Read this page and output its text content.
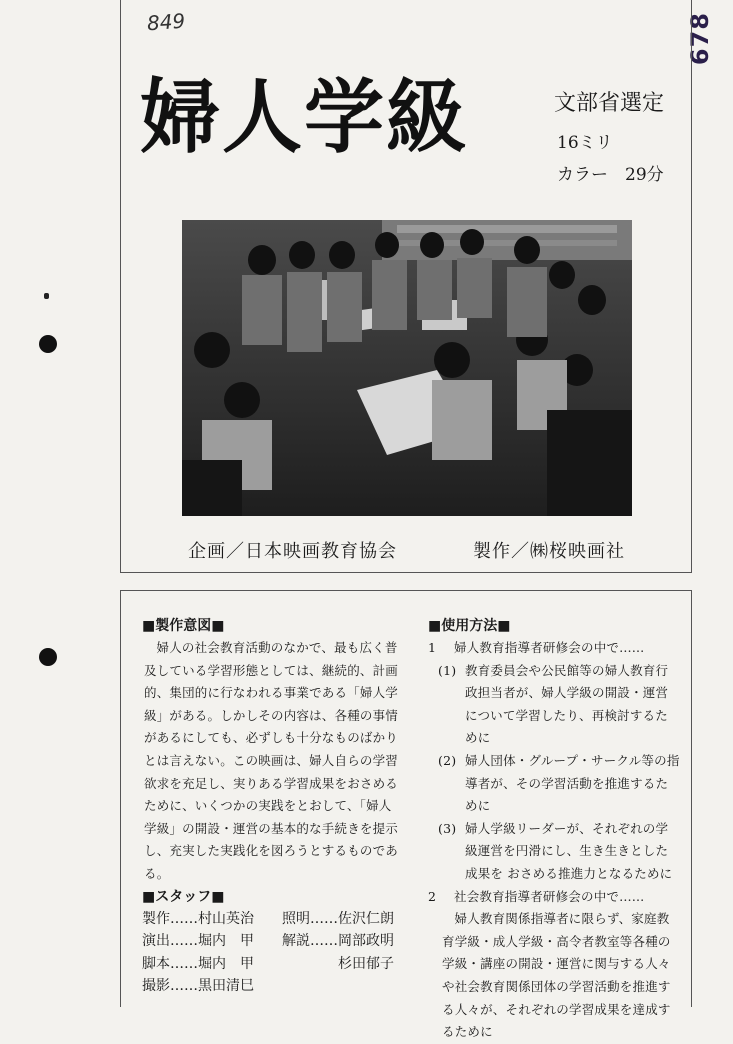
849	678
婦人学級	文部省選定
16ミリ
カラー　29分
企画／日本映画教育協会	製作／㈱桜映画社
■製作意図■
婦人の社会教育活動のなかで、最も広く普及している学習形態としては、継続的、計画的、集団的に行なわれる事業である「婦人学級」がある。しかしその内容は、各種の事情があるにしても、必ずしも十分なものばかりとは言えない。この映画は、婦人自らの学習欲求を充足し、実りある学習成果をおさめるために、いくつかの実践をとおして、「婦人学級」の開設・運営の基本的な手続きを提示し、充実した実践化を図ろうとするものである。
■スタッフ■
製作……村山英治	照明……佐沢仁朗
演出……堀内　甲	解説……岡部政明
脚本……堀内　甲	　　　　杉田郁子
撮影……黒田清巳
■使用方法■
1 婦人教育指導者研修会の中で……
(1) 教育委員会や公民館等の婦人教育行政担当者が、婦人学級の開設・運営について学習したり、再検討するために
(2) 婦人団体・グループ・サークル等の指導者が、その学習活動を推進するために
(3) 婦人学級リーダーが、それぞれの学級運営を円滑にし、生き生きとした成果を おさめる推進力となるために
2 社会教育指導者研修会の中で……
婦人教育関係指導者に限らず、家庭教育学級・成人学級・高令者教室等各種の学級・講座の開設・運営に関与する人々や社会教育関係団体の学習活動を推進する人々が、それぞれの学習成果を達成するために
